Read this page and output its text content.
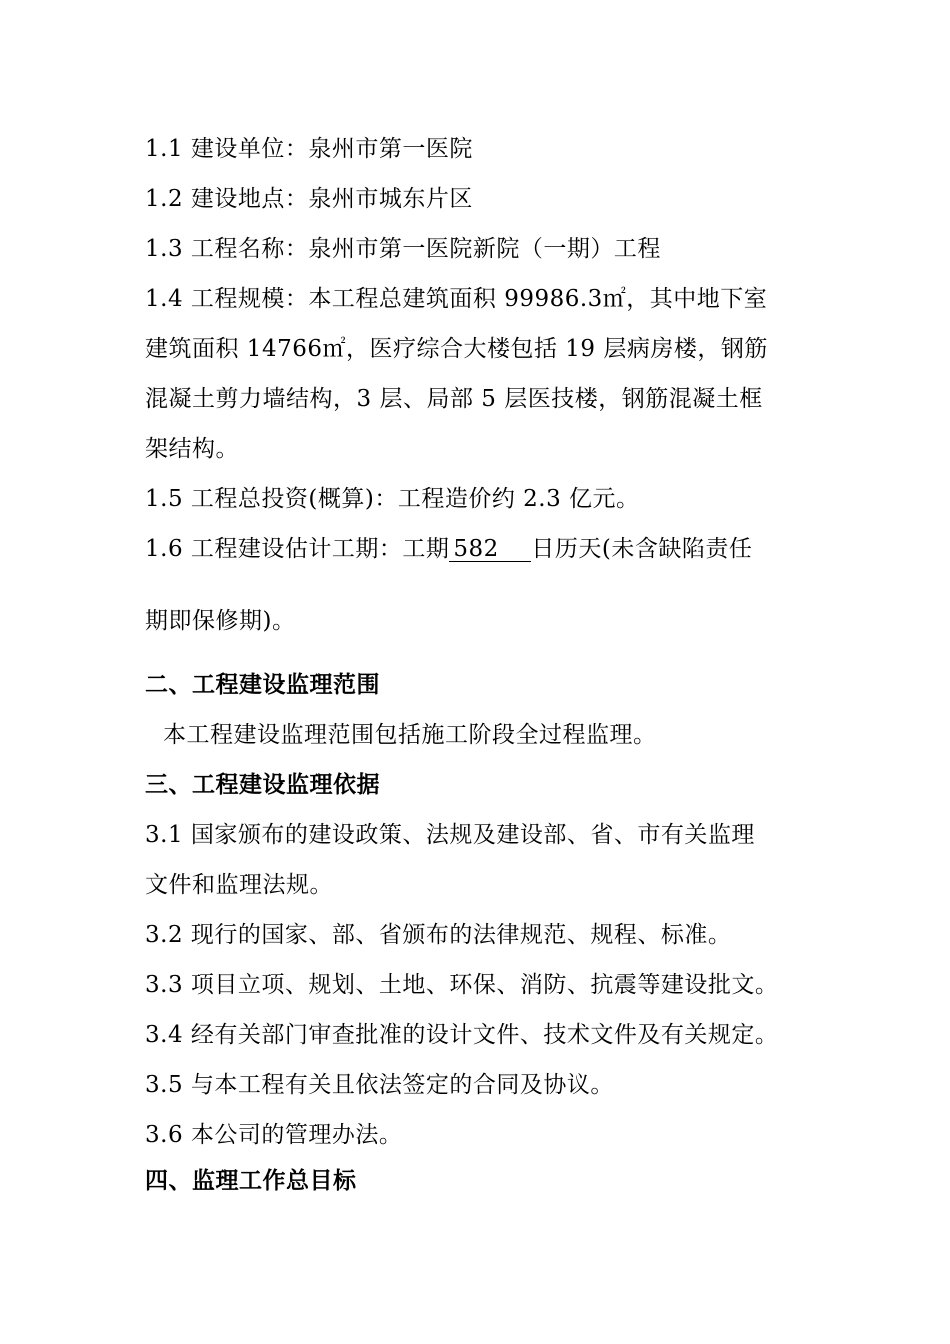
1.1 建设单位：泉州市第一医院
1.2 建设地点：泉州市城东片区
1.3 工程名称：泉州市第一医院新院（一期）工程
1.4 工程规模：本工程总建筑面积 99986.3㎡，其中地下室
建筑面积 14766㎡，医疗综合大楼包括 19 层病房楼，钢筋
混凝土剪力墙结构，3 层、局部 5 层医技楼，钢筋混凝土框
架结构。
1.5 工程总投资(概算)：工程造价约 2.3 亿元。
1.6 工程建设估计工期：工期 582 日历天(未含缺陷责任
期即保修期)。
二、工程建设监理范围
本工程建设监理范围包括施工阶段全过程监理。
三、工程建设监理依据
3.1 国家颁布的建设政策、法规及建设部、省、市有关监理
文件和监理法规。
3.2 现行的国家、部、省颁布的法律规范、规程、标准。
3.3 项目立项、规划、土地、环保、消防、抗震等建设批文。
3.4 经有关部门审查批准的设计文件、技术文件及有关规定。
3.5 与本工程有关且依法签定的合同及协议。
3.6 本公司的管理办法。
四、监理工作总目标
